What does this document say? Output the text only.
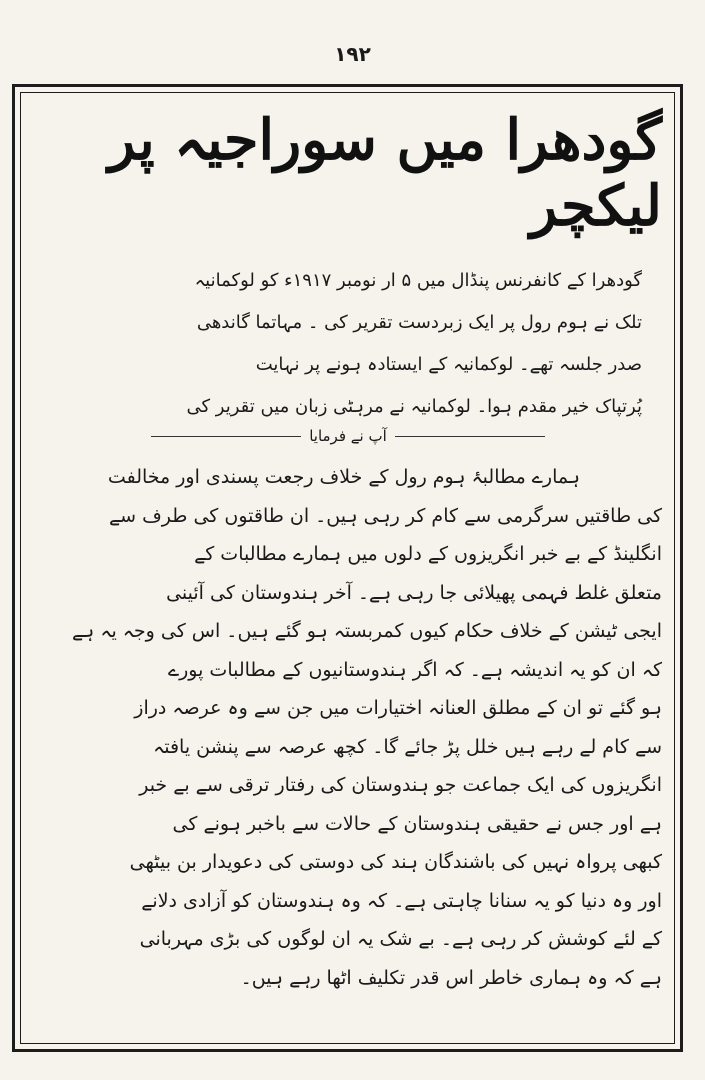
۱۹۲
گودھرا میں سوراجیہ پر لیکچر

گودھرا کے کانفرنس پنڈال میں ۵ ار نومبر ۱۹۱۷ء کو لوکمانیہ

تلک نے ہوم رول پر ایک زبردست تقریر کی ۔ مہاتما گاندھی

صدر جلسہ تھے۔ لوکمانیہ کے ایستادہ ہونے پر نہایت

پُرتپاک خیر مقدم ہوا۔ لوکمانیہ نے مرہٹی زبان میں تقریر کی

آپ نے فرمایا

ہمارے مطالبۂ ہوم رول کے خلاف رجعت پسندی اور مخالفت

کی طاقتیں سرگرمی سے کام کر رہی ہیں۔ ان طاقتوں کی طرف سے

انگلینڈ کے بے خبر انگریزوں کے دلوں میں ہمارے مطالبات کے

متعلق غلط فہمی پھیلائی جا رہی ہے۔ آخر ہندوستان کی آئینی

ایجی ٹیشن کے خلاف حکام کیوں کمربستہ ہو گئے ہیں۔ اس کی وجہ یہ ہے

کہ ان کو یہ اندیشہ ہے۔ کہ اگر ہندوستانیوں کے مطالبات پورے

ہو گئے تو ان کے مطلق العنانہ اختیارات میں جن سے وہ عرصہ دراز

سے کام لے رہے ہیں خلل پڑ جائے گا۔ کچھ عرصہ سے پنشن یافتہ

انگریزوں کی ایک جماعت جو ہندوستان کی رفتار ترقی سے بے خبر

ہے اور جس نے حقیقی ہندوستان کے حالات سے باخبر ہونے کی

کبھی پرواہ نہیں کی باشندگان ہند کی دوستی کی دعویدار بن بیٹھی

اور وہ دنیا کو یہ سنانا چاہتی ہے۔ کہ وہ ہندوستان کو آزادی دلانے

کے لئے کوشش کر رہی ہے۔ بے شک یہ ان لوگوں کی بڑی مہربانی

ہے کہ وہ ہماری خاطر اس قدر تکلیف اٹھا رہے ہیں۔
